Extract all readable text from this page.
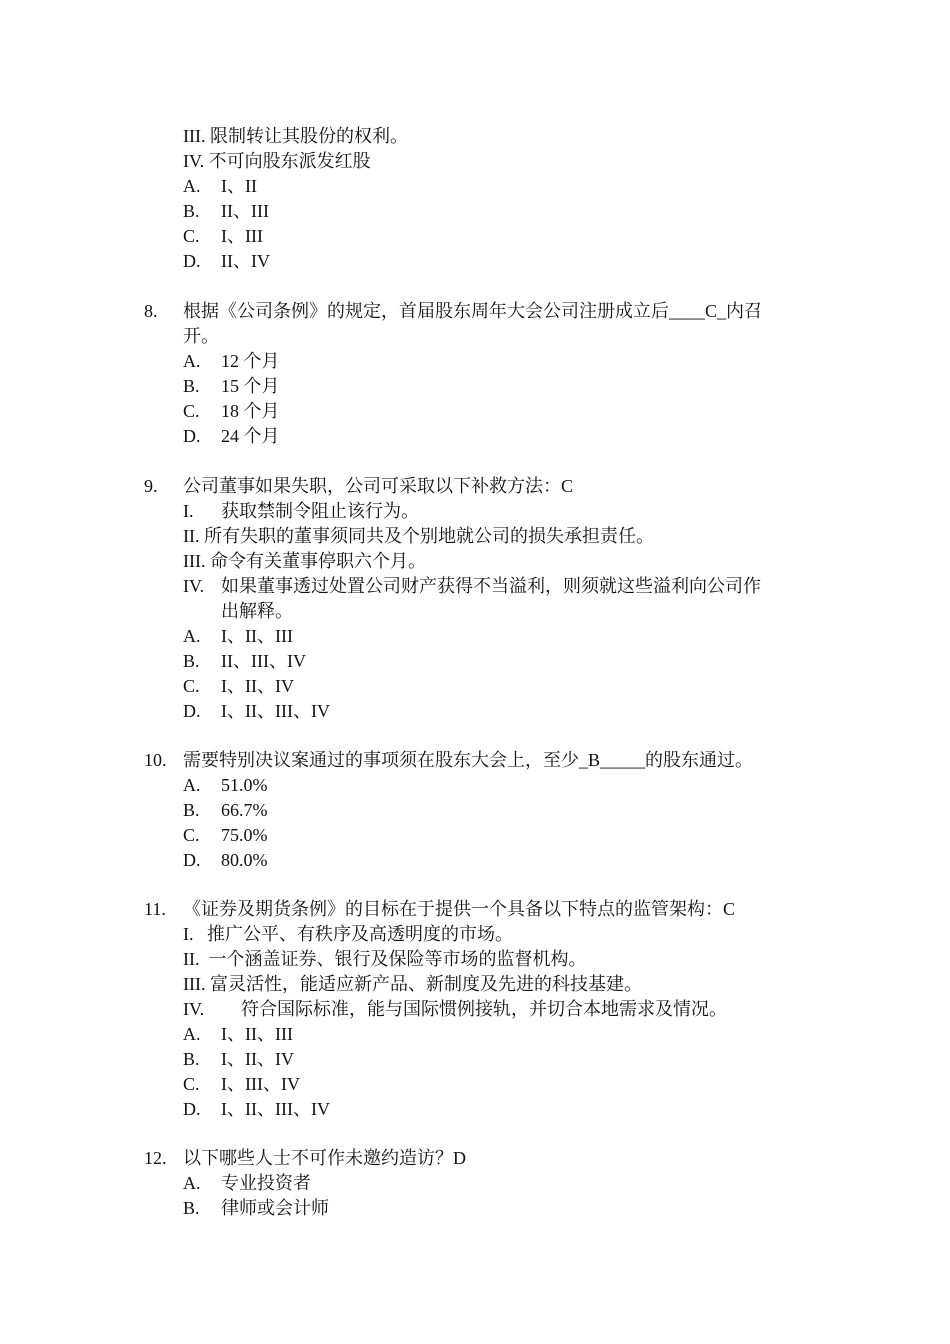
III. 限制转让其股份的权利。
IV. 不可向股东派发红股
A. I、II
B. II、III
C. I、III
D. II、IV
8. 根据《公司条例》的规定，首届股东周年大会公司注册成立后____C_内召
开。
A. 12 个月
B. 15 个月
C. 18 个月
D. 24 个月
9. 公司董事如果失职，公司可采取以下补救方法：C
I. 获取禁制令阻止该行为。
II. 所有失职的董事须同共及个别地就公司的损失承担责任。
III. 命令有关董事停职六个月。
IV. 如果董事透过处置公司财产获得不当溢利，则须就这些溢利向公司作
出解释。
A. I、II、III
B. II、III、IV
C. I、II、IV
D. I、II、III、IV
10. 需要特别决议案通过的事项须在股东大会上，至少_B_____的股东通过。
A. 51.0%
B. 66.7%
C. 75.0%
D. 80.0%
11. 《证券及期货条例》的目标在于提供一个具备以下特点的监管架构：C
I.   推广公平、有秩序及高透明度的市场。
II.  一个涵盖证券、银行及保险等市场的监督机构。
III. 富灵活性，能适应新产品、新制度及先进的科技基建。
IV. 符合国际标准，能与国际惯例接轨，并切合本地需求及情况。
A. I、II、III
B. I、II、IV
C. I、III、IV
D. I、II、III、IV
12. 以下哪些人士不可作未邀约造访？D
A. 专业投资者
B. 律师或会计师
